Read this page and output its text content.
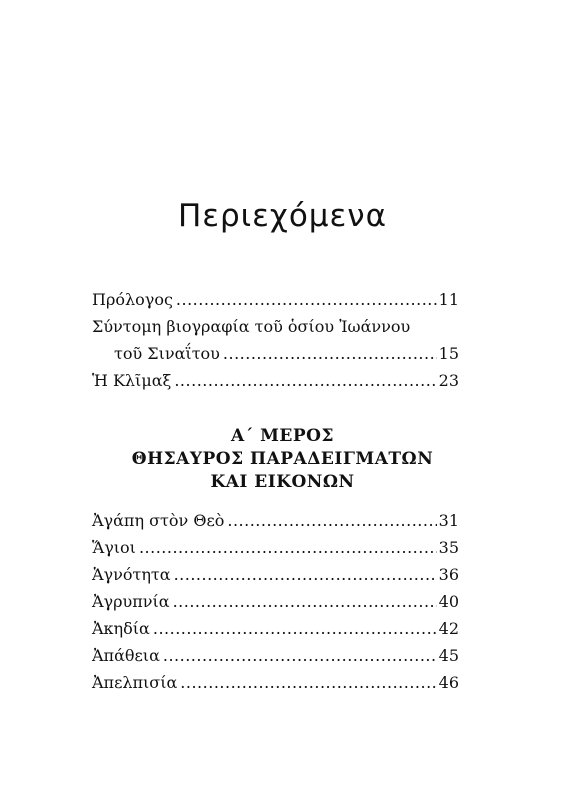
Περιεχόμενα
Πρόλογος .....	11
Σύντομη βιογραφία τοῦ ὁσίου Ἰωάννου
τοῦ Σιναΐτου .....	15
Ἡ Κλῖμαξ .....	23
Α΄ ΜΕΡΟΣ
ΘΗΣΑΥΡΟΣ ΠΑΡΑΔΕΙΓΜΑΤΩΝ
ΚΑΙ ΕΙΚΟΝΩΝ
Ἀγάπη στὸν Θεὸ .....	31
Ἅγιοι .....	35
Ἁγνότητα .....	36
Ἀγρυπνία .....	40
Ἀκηδία .....	42
Ἀπάθεια .....	45
Ἀπελπισία .....	46
